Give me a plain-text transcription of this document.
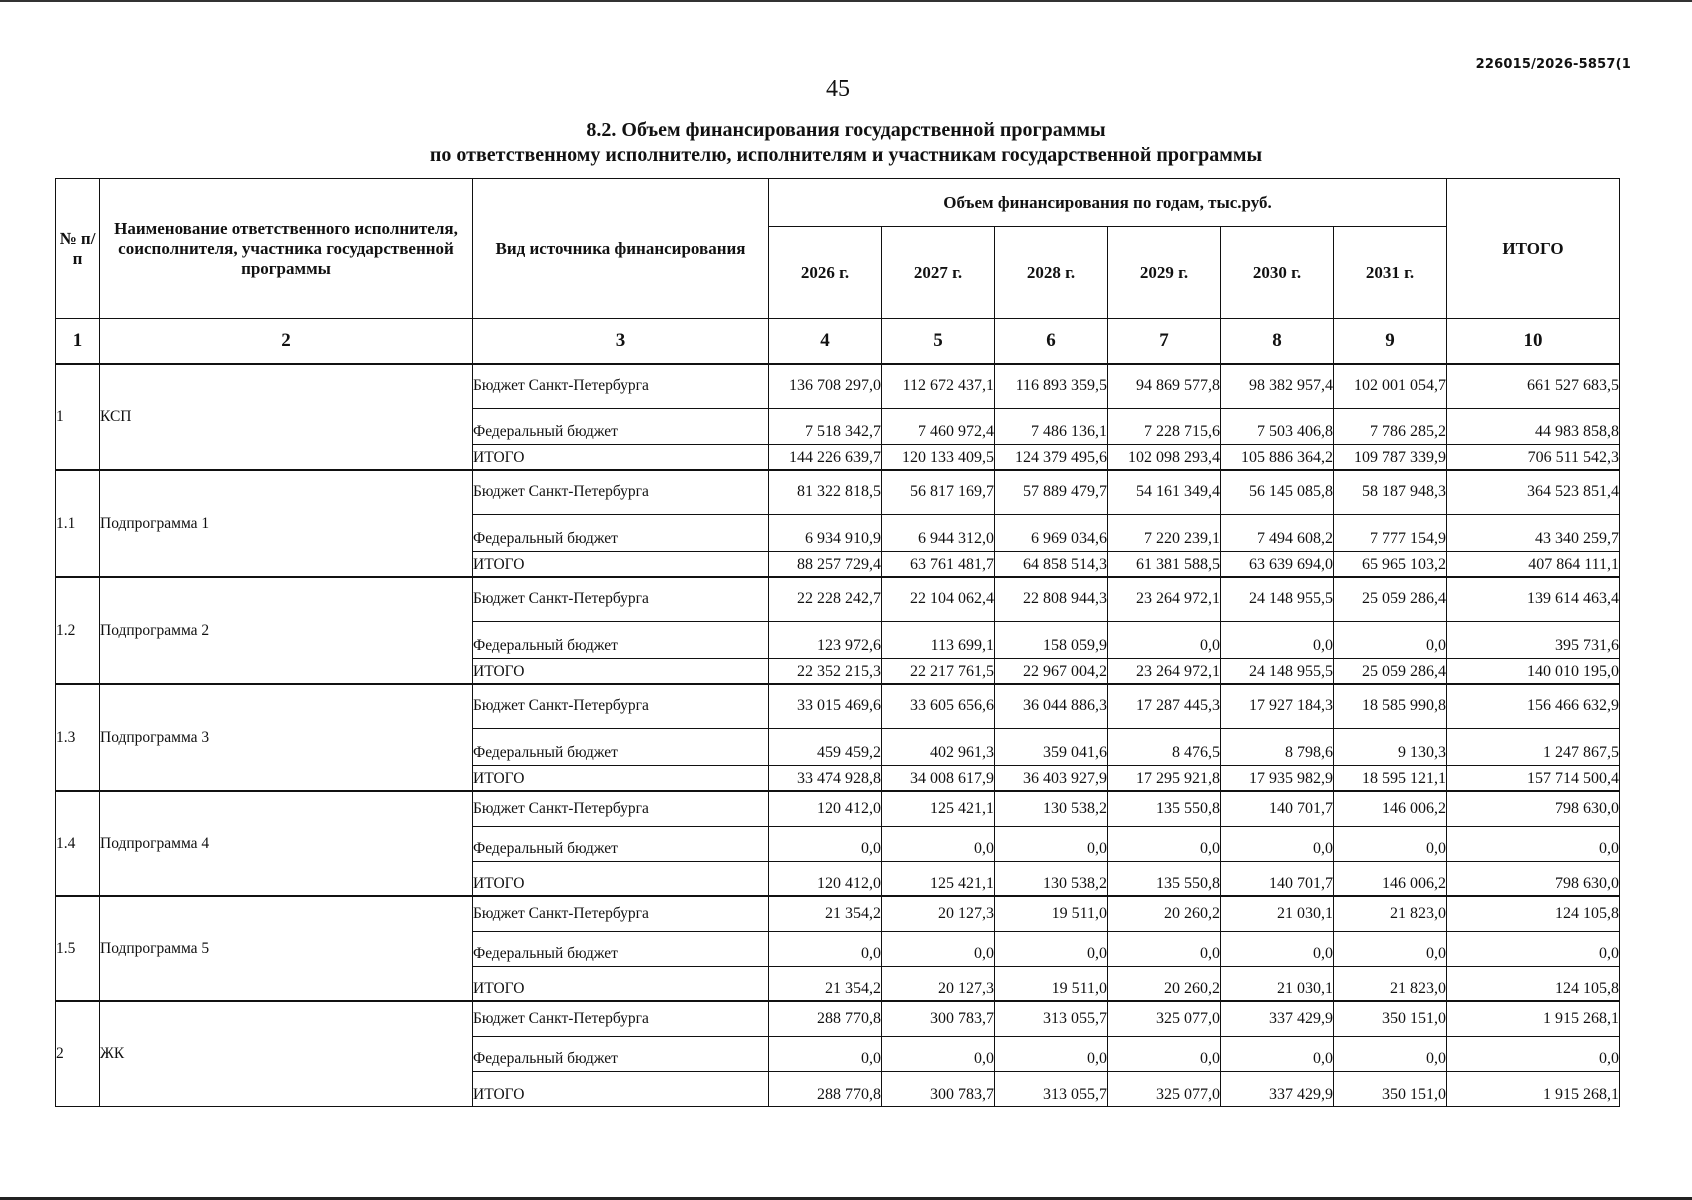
226015/2026-5857(1
45
8.2. Объем финансирования государственной программы
по ответственному исполнителю, исполнителям и участникам государственной программы
№ п/п	Наименование ответственного исполнителя, соисполнителя, участника государственной программы	Вид источника финансирования	Объем финансирования по годам, тыс.руб.						ИТОГО
			2026 г.	2027 г.	2028 г.	2029 г.	2030 г.	2031 г.	
1	2	3	4	5	6	7	8	9	10
1	КСП	Бюджет Санкт-Петербурга	136 708 297,0	112 672 437,1	116 893 359,5	94 869 577,8	98 382 957,4	102 001 054,7	661 527 683,5
		Федеральный бюджет	7 518 342,7	7 460 972,4	7 486 136,1	7 228 715,6	7 503 406,8	7 786 285,2	44 983 858,8
		ИТОГО	144 226 639,7	120 133 409,5	124 379 495,6	102 098 293,4	105 886 364,2	109 787 339,9	706 511 542,3
1.1	Подпрограмма 1	Бюджет Санкт-Петербурга	81 322 818,5	56 817 169,7	57 889 479,7	54 161 349,4	56 145 085,8	58 187 948,3	364 523 851,4
		Федеральный бюджет	6 934 910,9	6 944 312,0	6 969 034,6	7 220 239,1	7 494 608,2	7 777 154,9	43 340 259,7
		ИТОГО	88 257 729,4	63 761 481,7	64 858 514,3	61 381 588,5	63 639 694,0	65 965 103,2	407 864 111,1
1.2	Подпрограмма 2	Бюджет Санкт-Петербурга	22 228 242,7	22 104 062,4	22 808 944,3	23 264 972,1	24 148 955,5	25 059 286,4	139 614 463,4
		Федеральный бюджет	123 972,6	113 699,1	158 059,9	0,0	0,0	0,0	395 731,6
		ИТОГО	22 352 215,3	22 217 761,5	22 967 004,2	23 264 972,1	24 148 955,5	25 059 286,4	140 010 195,0
1.3	Подпрограмма 3	Бюджет Санкт-Петербурга	33 015 469,6	33 605 656,6	36 044 886,3	17 287 445,3	17 927 184,3	18 585 990,8	156 466 632,9
		Федеральный бюджет	459 459,2	402 961,3	359 041,6	8 476,5	8 798,6	9 130,3	1 247 867,5
		ИТОГО	33 474 928,8	34 008 617,9	36 403 927,9	17 295 921,8	17 935 982,9	18 595 121,1	157 714 500,4
1.4	Подпрограмма 4	Бюджет Санкт-Петербурга	120 412,0	125 421,1	130 538,2	135 550,8	140 701,7	146 006,2	798 630,0
		Федеральный бюджет	0,0	0,0	0,0	0,0	0,0	0,0	0,0
		ИТОГО	120 412,0	125 421,1	130 538,2	135 550,8	140 701,7	146 006,2	798 630,0
1.5	Подпрограмма 5	Бюджет Санкт-Петербурга	21 354,2	20 127,3	19 511,0	20 260,2	21 030,1	21 823,0	124 105,8
		Федеральный бюджет	0,0	0,0	0,0	0,0	0,0	0,0	0,0
		ИТОГО	21 354,2	20 127,3	19 511,0	20 260,2	21 030,1	21 823,0	124 105,8
2	ЖК	Бюджет Санкт-Петербурга	288 770,8	300 783,7	313 055,7	325 077,0	337 429,9	350 151,0	1 915 268,1
		Федеральный бюджет	0,0	0,0	0,0	0,0	0,0	0,0	0,0
		ИТОГО	288 770,8	300 783,7	313 055,7	325 077,0	337 429,9	350 151,0	1 915 268,1
